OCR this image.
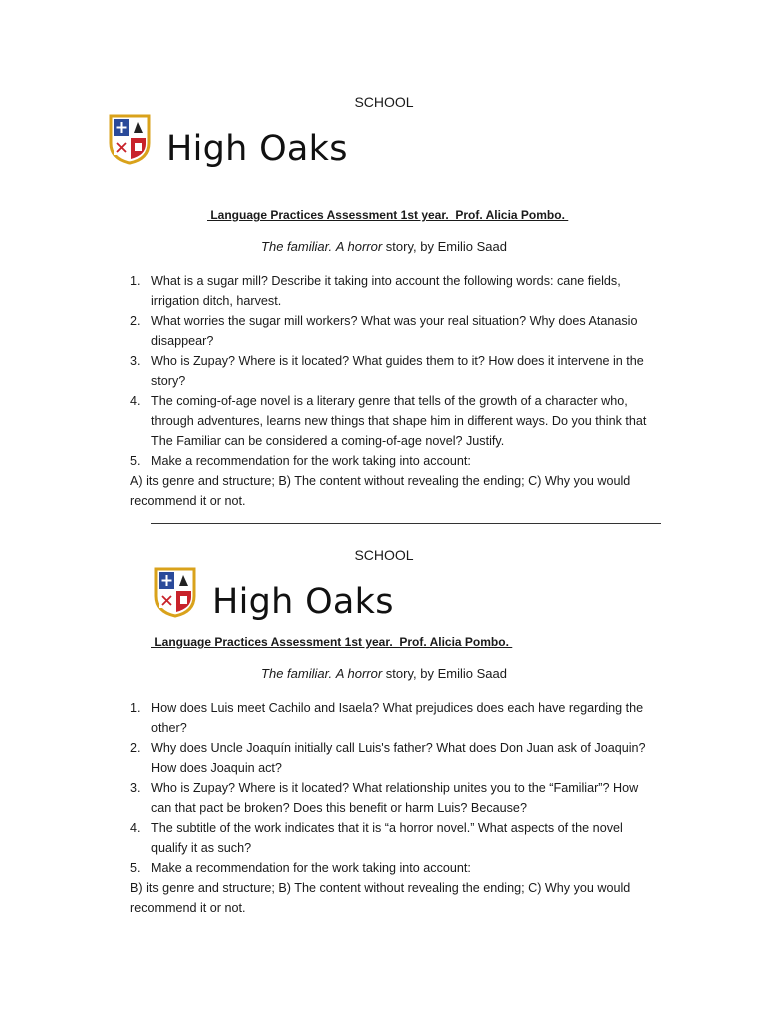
SCHOOL
High Oaks
Language Practices Assessment 1st year.  Prof. Alicia Pombo.
The familiar. A horror story, by Emilio Saad
1. What is a sugar mill? Describe it taking into account the following words: cane fields, irrigation ditch, harvest.
2. What worries the sugar mill workers? What was your real situation? Why does Atanasio disappear?
3. Who is Zupay? Where is it located? What guides them to it? How does it intervene in the story?
4. The coming-of-age novel is a literary genre that tells of the growth of a character who, through adventures, learns new things that shape him in different ways. Do you think that The Familiar can be considered a coming-of-age novel? Justify.
5. Make a recommendation for the work taking into account:
A) its genre and structure; B) The content without revealing the ending; C) Why you would recommend it or not.
SCHOOL
High Oaks
Language Practices Assessment 1st year.  Prof. Alicia Pombo.
The familiar. A horror story, by Emilio Saad
1. How does Luis meet Cachilo and Isaela? What prejudices does each have regarding the other?
2. Why does Uncle Joaquín initially call Luis's father? What does Don Juan ask of Joaquin? How does Joaquin act?
3. Who is Zupay? Where is it located? What relationship unites you to the “Familiar”? How can that pact be broken? Does this benefit or harm Luis? Because?
4. The subtitle of the work indicates that it is “a horror novel.” What aspects of the novel qualify it as such?
5. Make a recommendation for the work taking into account:
B) its genre and structure; B) The content without revealing the ending; C) Why you would recommend it or not.
